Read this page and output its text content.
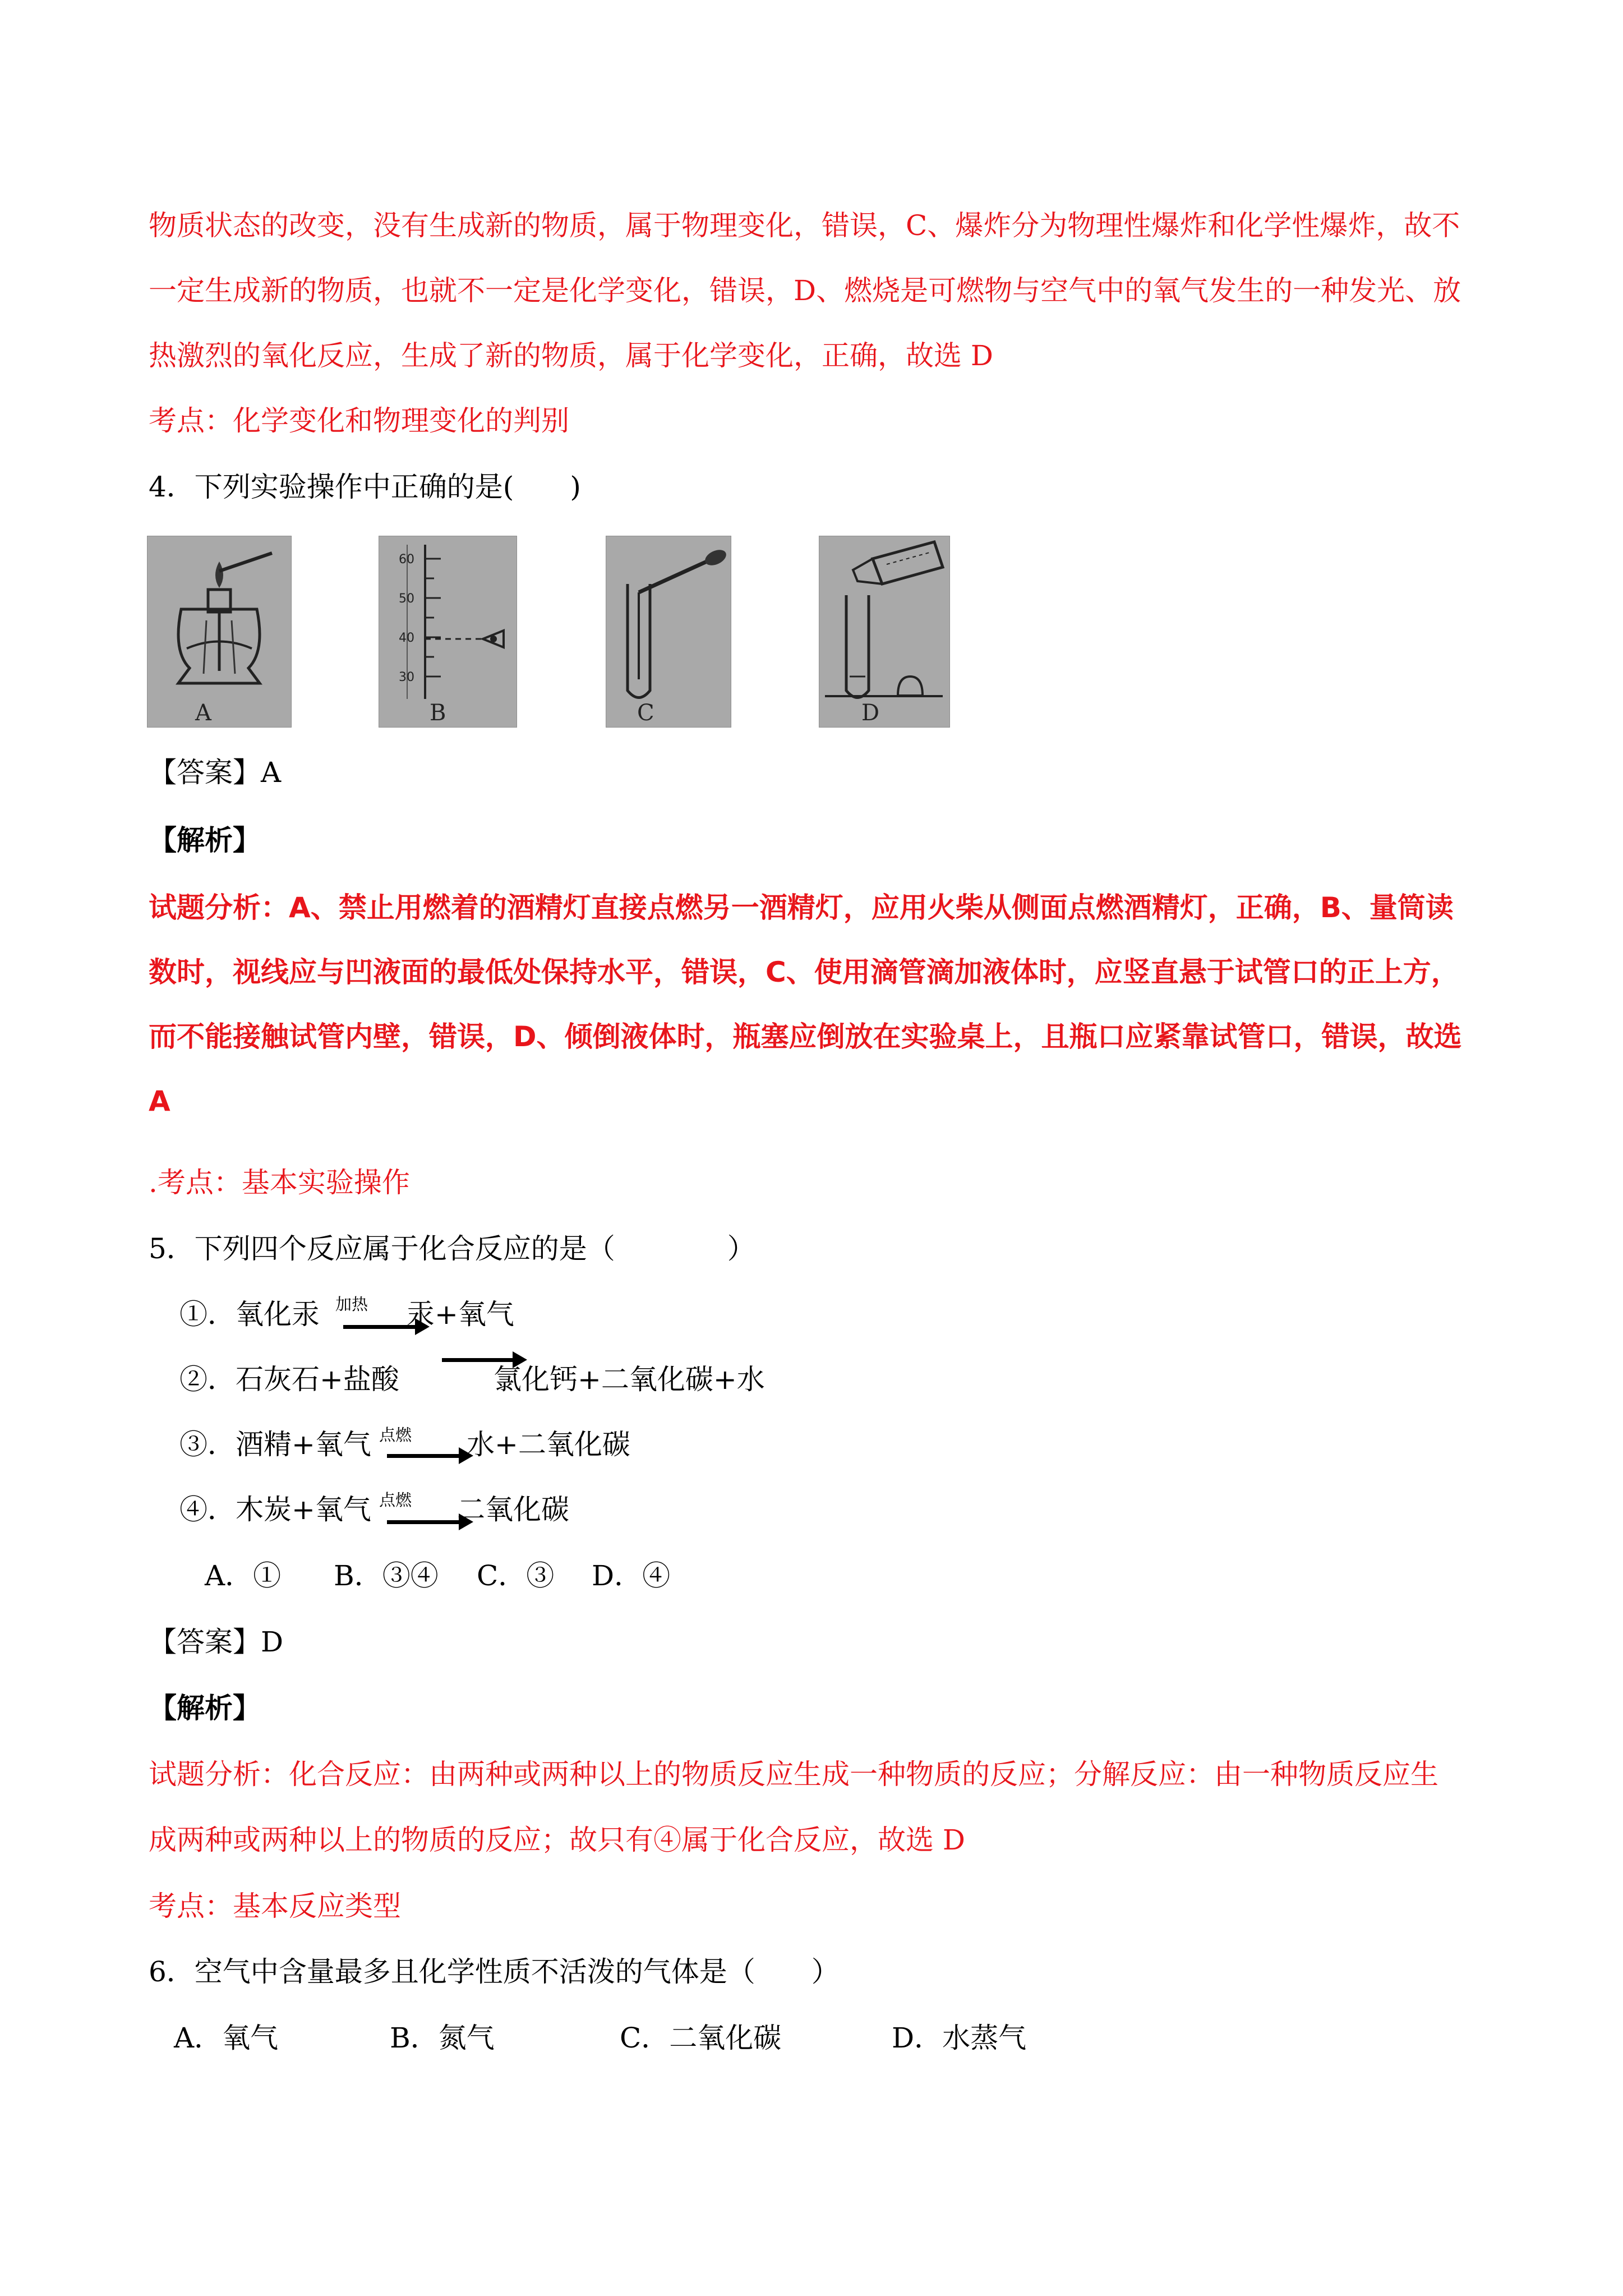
物质状态的改变，没有生成新的物质，属于物理变化，错误，C、爆炸分为物理性爆炸和化学性爆炸，故不
一定生成新的物质，也就不一定是化学变化，错误，D、燃烧是可燃物与空气中的氧气发生的一种发光、放
热激烈的氧化反应，生成了新的物质，属于化学变化，正确，故选 D
考点：化学变化和物理变化的判别
4．下列实验操作中正确的是(　　)
A
60
50
40
30
B	C	D
【答案】A
【解析】
试题分析：A、禁止用燃着的酒精灯直接点燃另一酒精灯，应用火柴从侧面点燃酒精灯，正确，B、量筒读
数时，视线应与凹液面的最低处保持水平，错误，C、使用滴管滴加液体时，应竖直悬于试管口的正上方，
而不能接触试管内壁，错误，D、倾倒液体时，瓶塞应倒放在实验桌上，且瓶口应紧靠试管口，错误，故选
A
.考点：基本实验操作
5．下列四个反应属于化合反应的是（　　　　）
①．氧化汞 加热 汞+氧气
②．石灰石+盐酸	氯化钙+二氧化碳+水
③．酒精+氧气 点燃 水+二氧化碳
④．木炭+氧气 点燃 二氧化碳
A．① B．③④ C．③ D．④
【答案】D
【解析】
试题分析：化合反应：由两种或两种以上的物质反应生成一种物质的反应；分解反应：由一种物质反应生
成两种或两种以上的物质的反应；故只有④属于化合反应，故选 D
考点：基本反应类型
6．空气中含量最多且化学性质不活泼的气体是（　　）
A．氧气	B．氮气	C．二氧化碳	D．水蒸气
